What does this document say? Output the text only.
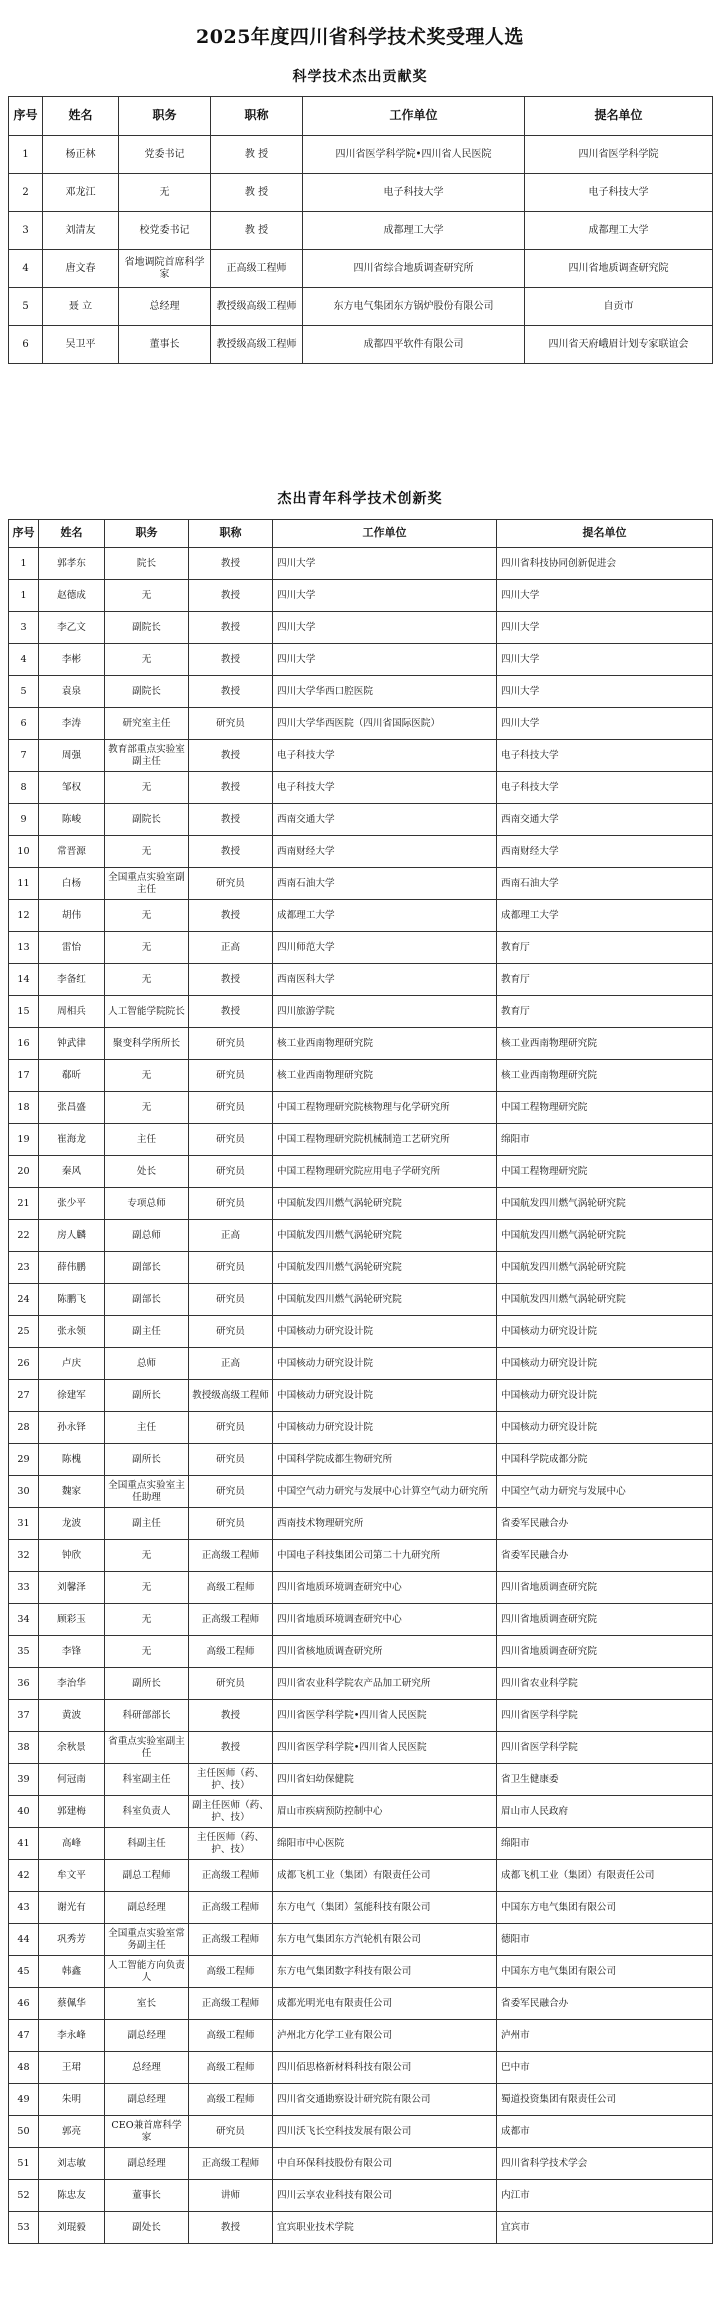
2025年度四川省科学技术奖受理人选
科学技术杰出贡献奖
序号	姓名	职务	职称	工作单位	提名单位
1	杨正林	党委书记	教 授	四川省医学科学院•四川省人民医院	四川省医学科学院
2	邓龙江	无	教 授	电子科技大学	电子科技大学
3	刘清友	校党委书记	教 授	成都理工大学	成都理工大学
4	唐文春	省地调院首席科学家	正高级工程师	四川省综合地质调查研究所	四川省地质调查研究院
5	聂 立	总经理	教授级高级工程师	东方电气集团东方锅炉股份有限公司	自贡市
6	吴卫平	董事长	教授级高级工程师	成都四平软件有限公司	四川省天府峨眉计划专家联谊会
杰出青年科学技术创新奖
序号	姓名	职务	职称	工作单位	提名单位
1	郭孝东	院长	教授	四川大学	四川省科技协同创新促进会
1	赵德成	无	教授	四川大学	四川大学
3	李乙文	副院长	教授	四川大学	四川大学
4	李彬	无	教授	四川大学	四川大学
5	袁泉	副院长	教授	四川大学华西口腔医院	四川大学
6	李涛	研究室主任	研究员	四川大学华西医院（四川省国际医院）	四川大学
7	周强	教育部重点实验室副主任	教授	电子科技大学	电子科技大学
8	邹权	无	教授	电子科技大学	电子科技大学
9	陈峻	副院长	教授	西南交通大学	西南交通大学
10	常晋源	无	教授	西南财经大学	西南财经大学
11	白杨	全国重点实验室副主任	研究员	西南石油大学	西南石油大学
12	胡伟	无	教授	成都理工大学	成都理工大学
13	雷怡	无	正高	四川师范大学	教育厅
14	李备红	无	教授	西南医科大学	教育厅
15	周相兵	人工智能学院院长	教授	四川旅游学院	教育厅
16	钟武律	聚变科学所所长	研究员	核工业西南物理研究院	核工业西南物理研究院
17	郗昕	无	研究员	核工业西南物理研究院	核工业西南物理研究院
18	张昌盛	无	研究员	中国工程物理研究院核物理与化学研究所	中国工程物理研究院
19	崔海龙	主任	研究员	中国工程物理研究院机械制造工艺研究所	绵阳市
20	秦风	处长	研究员	中国工程物理研究院应用电子学研究所	中国工程物理研究院
21	张少平	专项总师	研究员	中国航发四川燃气涡轮研究院	中国航发四川燃气涡轮研究院
22	房人麟	副总师	正高	中国航发四川燃气涡轮研究院	中国航发四川燃气涡轮研究院
23	薛伟鹏	副部长	研究员	中国航发四川燃气涡轮研究院	中国航发四川燃气涡轮研究院
24	陈鹏飞	副部长	研究员	中国航发四川燃气涡轮研究院	中国航发四川燃气涡轮研究院
25	张永领	副主任	研究员	中国核动力研究设计院	中国核动力研究设计院
26	卢庆	总师	正高	中国核动力研究设计院	中国核动力研究设计院
27	徐建军	副所长	教授级高级工程师	中国核动力研究设计院	中国核动力研究设计院
28	孙永铎	主任	研究员	中国核动力研究设计院	中国核动力研究设计院
29	陈槐	副所长	研究员	中国科学院成都生物研究所	中国科学院成都分院
30	魏家	全国重点实验室主任助理	研究员	中国空气动力研究与发展中心计算空气动力研究所	中国空气动力研究与发展中心
31	龙波	副主任	研究员	西南技术物理研究所	省委军民融合办
32	钟欣	无	正高级工程师	中国电子科技集团公司第二十九研究所	省委军民融合办
33	刘馨泽	无	高级工程师	四川省地质环境调查研究中心	四川省地质调查研究院
34	顾彩玉	无	正高级工程师	四川省地质环境调查研究中心	四川省地质调查研究院
35	李锋	无	高级工程师	四川省核地质调查研究所	四川省地质调查研究院
36	李治华	副所长	研究员	四川省农业科学院农产品加工研究所	四川省农业科学院
37	黄波	科研部部长	教授	四川省医学科学院•四川省人民医院	四川省医学科学院
38	余秋景	省重点实验室副主任	教授	四川省医学科学院•四川省人民医院	四川省医学科学院
39	何冠南	科室副主任	主任医师（药、护、技）	四川省妇幼保健院	省卫生健康委
40	郭建梅	科室负责人	副主任医师（药、护、技）	眉山市疾病预防控制中心	眉山市人民政府
41	高峰	科副主任	主任医师（药、护、技）	绵阳市中心医院	绵阳市
42	牟文平	副总工程师	正高级工程师	成都飞机工业（集团）有限责任公司	成都飞机工业（集团）有限责任公司
43	谢光有	副总经理	正高级工程师	东方电气（集团）氢能科技有限公司	中国东方电气集团有限公司
44	巩秀芳	全国重点实验室常务副主任	正高级工程师	东方电气集团东方汽轮机有限公司	德阳市
45	韩鑫	人工智能方向负责人	高级工程师	东方电气集团数字科技有限公司	中国东方电气集团有限公司
46	蔡佩华	室长	正高级工程师	成都光明光电有限责任公司	省委军民融合办
47	李永峰	副总经理	高级工程师	泸州北方化学工业有限公司	泸州市
48	王珺	总经理	高级工程师	四川佰思格新材料科技有限公司	巴中市
49	朱明	副总经理	高级工程师	四川省交通勘察设计研究院有限公司	蜀道投资集团有限责任公司
50	郭亮	CEO兼首席科学家	研究员	四川沃飞长空科技发展有限公司	成都市
51	刘志敏	副总经理	正高级工程师	中自环保科技股份有限公司	四川省科学技术学会
52	陈忠友	董事长	讲师	四川云享农业科技有限公司	内江市
53	刘琨毅	副处长	教授	宜宾职业技术学院	宜宾市
